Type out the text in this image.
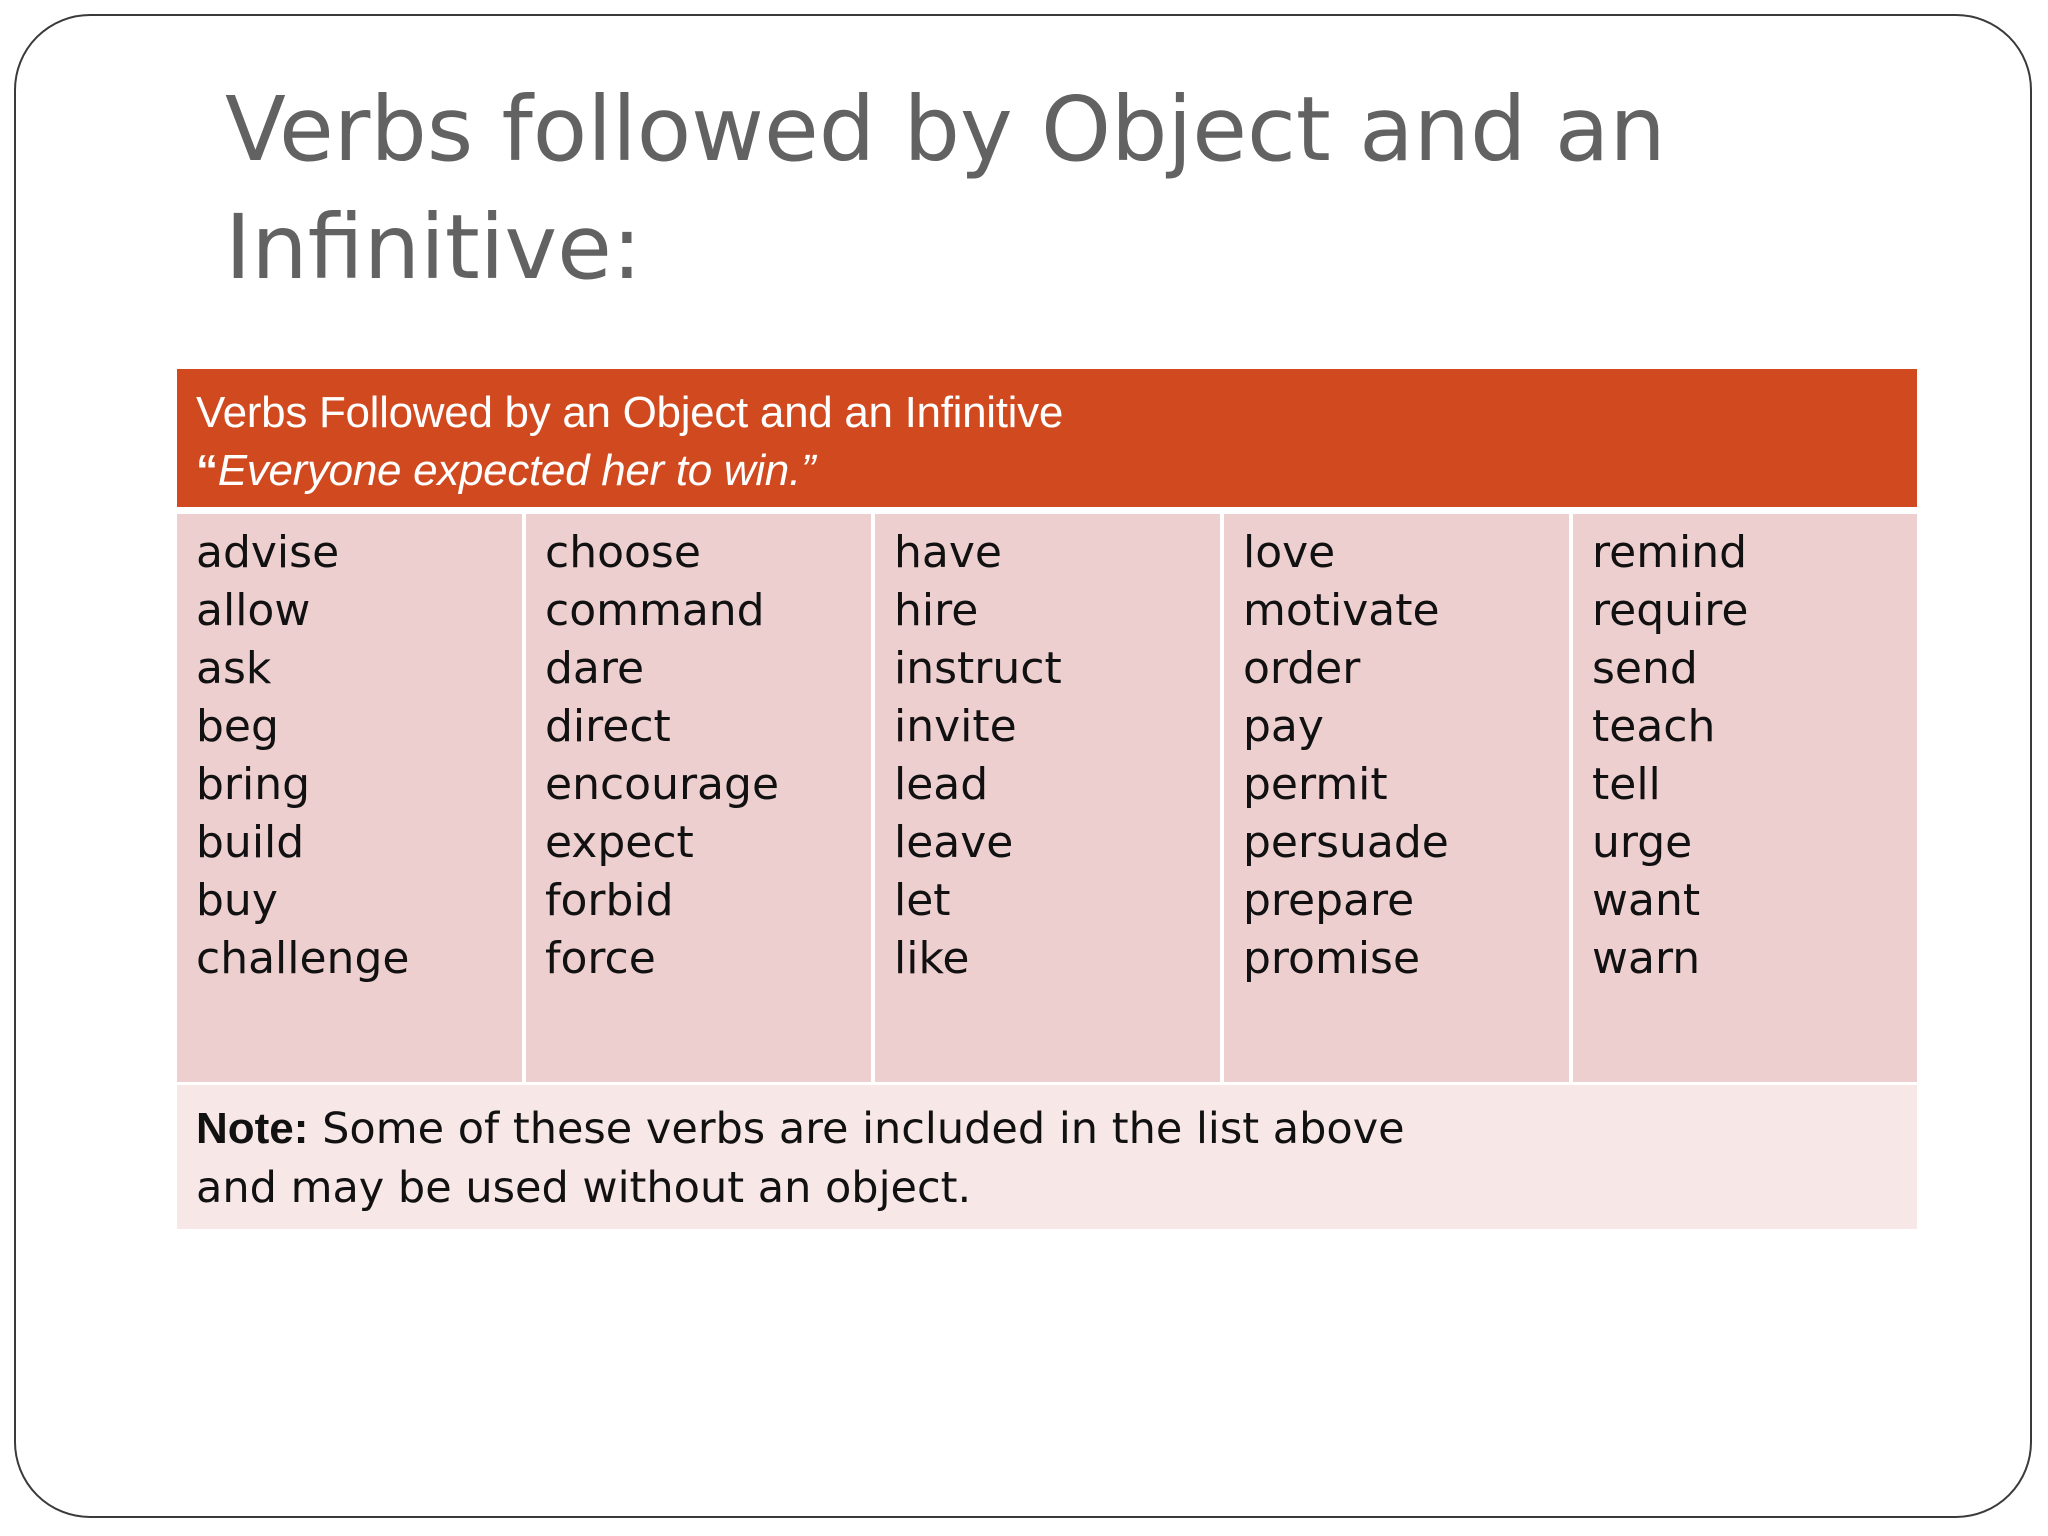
Verbs followed by Object and an
Infinitive:
Verbs Followed by an Object and an Infinitive
“Everyone expected her to win.”
advise
allow
ask
beg
bring
build
buy
challenge
choose
command
dare
direct
encourage
expect
forbid
force
have
hire
instruct
invite
lead
leave
let
like
love
motivate
order
pay
permit
persuade
prepare
promise
remind
require
send
teach
tell
urge
want
warn
Note: Some of these verbs are included in the list above
and may be used without an object.
